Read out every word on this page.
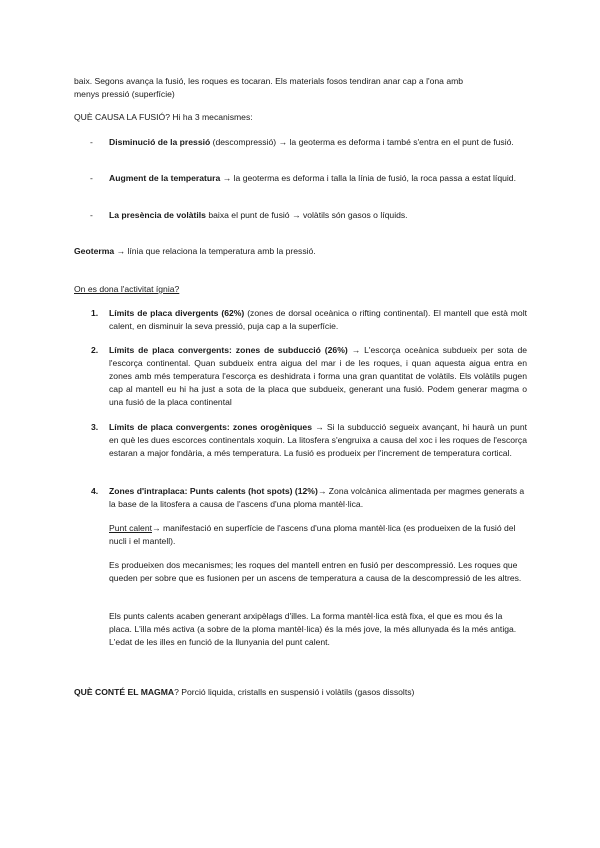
baix. Segons avança la fusió, les roques es tocaran. Els materials fosos tendiran anar cap a l'ona amb

menys pressió (superfície)

QUÈ CAUSA LA FUSIÓ? Hi ha 3 mecanismes:

- Disminució de la pressió (descompressió) → la geoterma es deforma i també s'entra en el punt de fusió.

- Augment de la temperatura → la geoterma es deforma i talla la línia de fusió, la roca passa a estat líquid.

- La presència de volàtils baixa el punt de fusió → volàtils són gasos o líquids.

Geoterma → línia que relaciona la temperatura amb la pressió.

On es dona l'activitat ígnia?

1. Límits de placa divergents (62%) (zones de dorsal oceànica o rifting continental). El mantell que està molt calent, en disminuir la seva pressió, puja cap a la superfície.

2. Límits de placa convergents: zones de subducció (26%) → L'escorça oceànica subdueix per sota de l'escorça continental. Quan subdueix entra aigua del mar i de les roques, i quan aquesta aigua entra en zones amb més temperatura l'escorça es deshidrata i forma una gran quantitat de volàtils. Els volàtils pugen cap al mantell eu hi ha just a sota de la placa que subdueix, generant una fusió. Podem generar magma o una fusió de la placa continental

3. Límits de placa convergents: zones orogèniques → Si la subducció segueix avançant, hi haurà un punt en què les dues escorces continentals xoquin. La litosfera s'engruixa a causa del xoc i les roques de l'escorça estaran a major fondària, a més temperatura. La fusió es produeix per l'increment de temperatura cortical.

4. Zones d'intraplaca: Punts calents (hot spots) (12%)→ Zona volcànica alimentada per magmes generats a la base de la litosfera a causa de l'ascens d'una ploma mantèl·lica.

Punt calent→ manifestació en superfície de l'ascens d'una ploma mantèl·lica (es produeixen de la fusió del nucli i el mantell).

Es produeixen dos mecanismes; les roques del mantell entren en fusió per descompressió. Les roques que queden per sobre que es fusionen per un ascens de temperatura a causa de la descompressió de les altres.

Els punts calents acaben generant arxipèlags d'illes. La forma mantèl·lica està fixa, el que es mou és la placa. L'illa més activa (a sobre de la ploma mantèl·lica) és la més jove, la més allunyada és la més antiga. L'edat de les illes en funció de la llunyania del punt calent.

QUÈ CONTÉ EL MAGMA? Porció liquida, cristalls en suspensió i volàtils (gasos dissolts)
